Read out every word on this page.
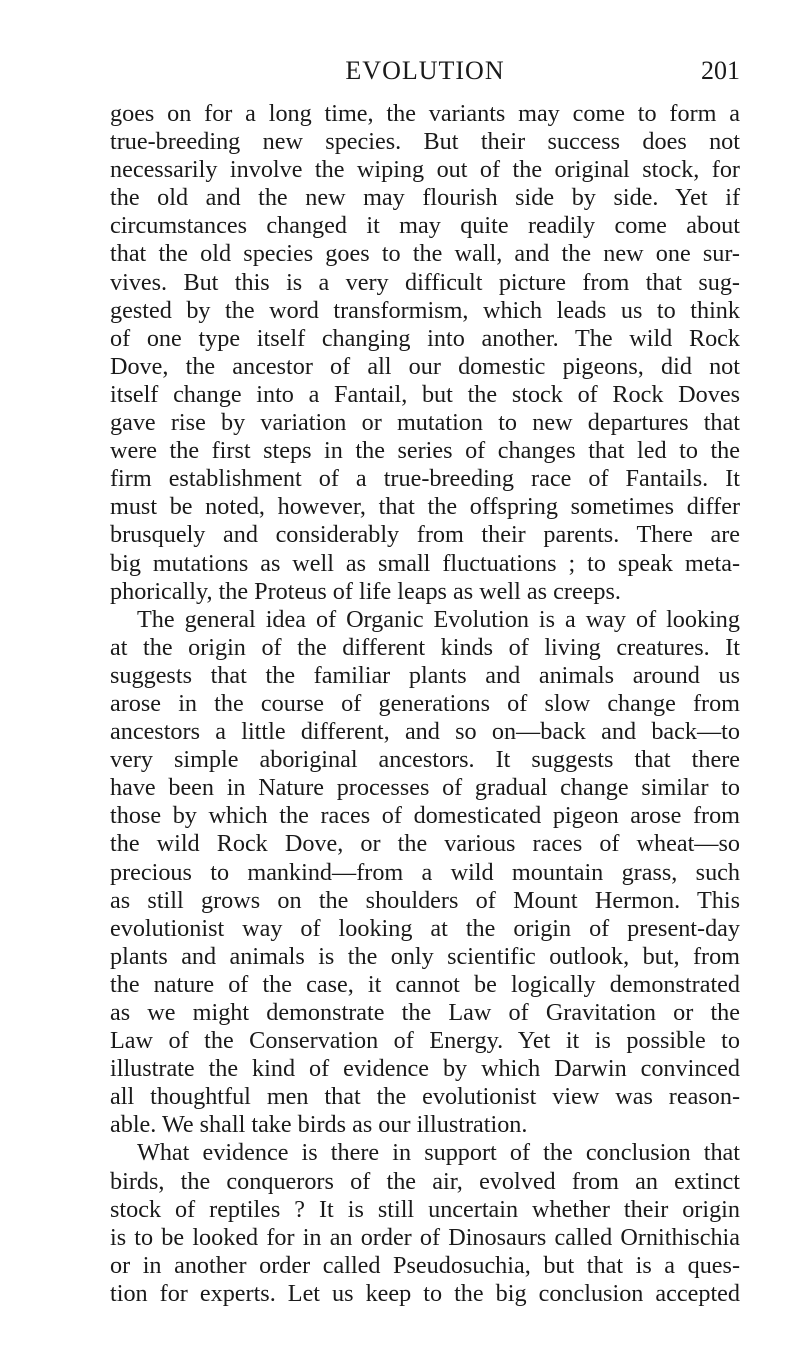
EVOLUTION	201
goes on for a long time, the variants may come to form a
true-breeding new species. But their success does not
necessarily involve the wiping out of the original stock, for
the old and the new may flourish side by side. Yet if
circumstances changed it may quite readily come about
that the old species goes to the wall, and the new one sur-
vives. But this is a very difficult picture from that sug-
gested by the word transformism, which leads us to think
of one type itself changing into another. The wild Rock
Dove, the ancestor of all our domestic pigeons, did not
itself change into a Fantail, but the stock of Rock Doves
gave rise by variation or mutation to new departures that
were the first steps in the series of changes that led to the
firm establishment of a true-breeding race of Fantails. It
must be noted, however, that the offspring sometimes differ
brusquely and considerably from their parents. There are
big mutations as well as small fluctuations ; to speak meta-
phorically, the Proteus of life leaps as well as creeps.
The general idea of Organic Evolution is a way of looking
at the origin of the different kinds of living creatures. It
suggests that the familiar plants and animals around us
arose in the course of generations of slow change from
ancestors a little different, and so on—back and back—to
very simple aboriginal ancestors. It suggests that there
have been in Nature processes of gradual change similar to
those by which the races of domesticated pigeon arose from
the wild Rock Dove, or the various races of wheat—so
precious to mankind—from a wild mountain grass, such
as still grows on the shoulders of Mount Hermon. This
evolutionist way of looking at the origin of present-day
plants and animals is the only scientific outlook, but, from
the nature of the case, it cannot be logically demonstrated
as we might demonstrate the Law of Gravitation or the
Law of the Conservation of Energy. Yet it is possible to
illustrate the kind of evidence by which Darwin convinced
all thoughtful men that the evolutionist view was reason-
able. We shall take birds as our illustration.
What evidence is there in support of the conclusion that
birds, the conquerors of the air, evolved from an extinct
stock of reptiles ? It is still uncertain whether their origin
is to be looked for in an order of Dinosaurs called Ornithischia
or in another order called Pseudosuchia, but that is a ques-
tion for experts. Let us keep to the big conclusion accepted
